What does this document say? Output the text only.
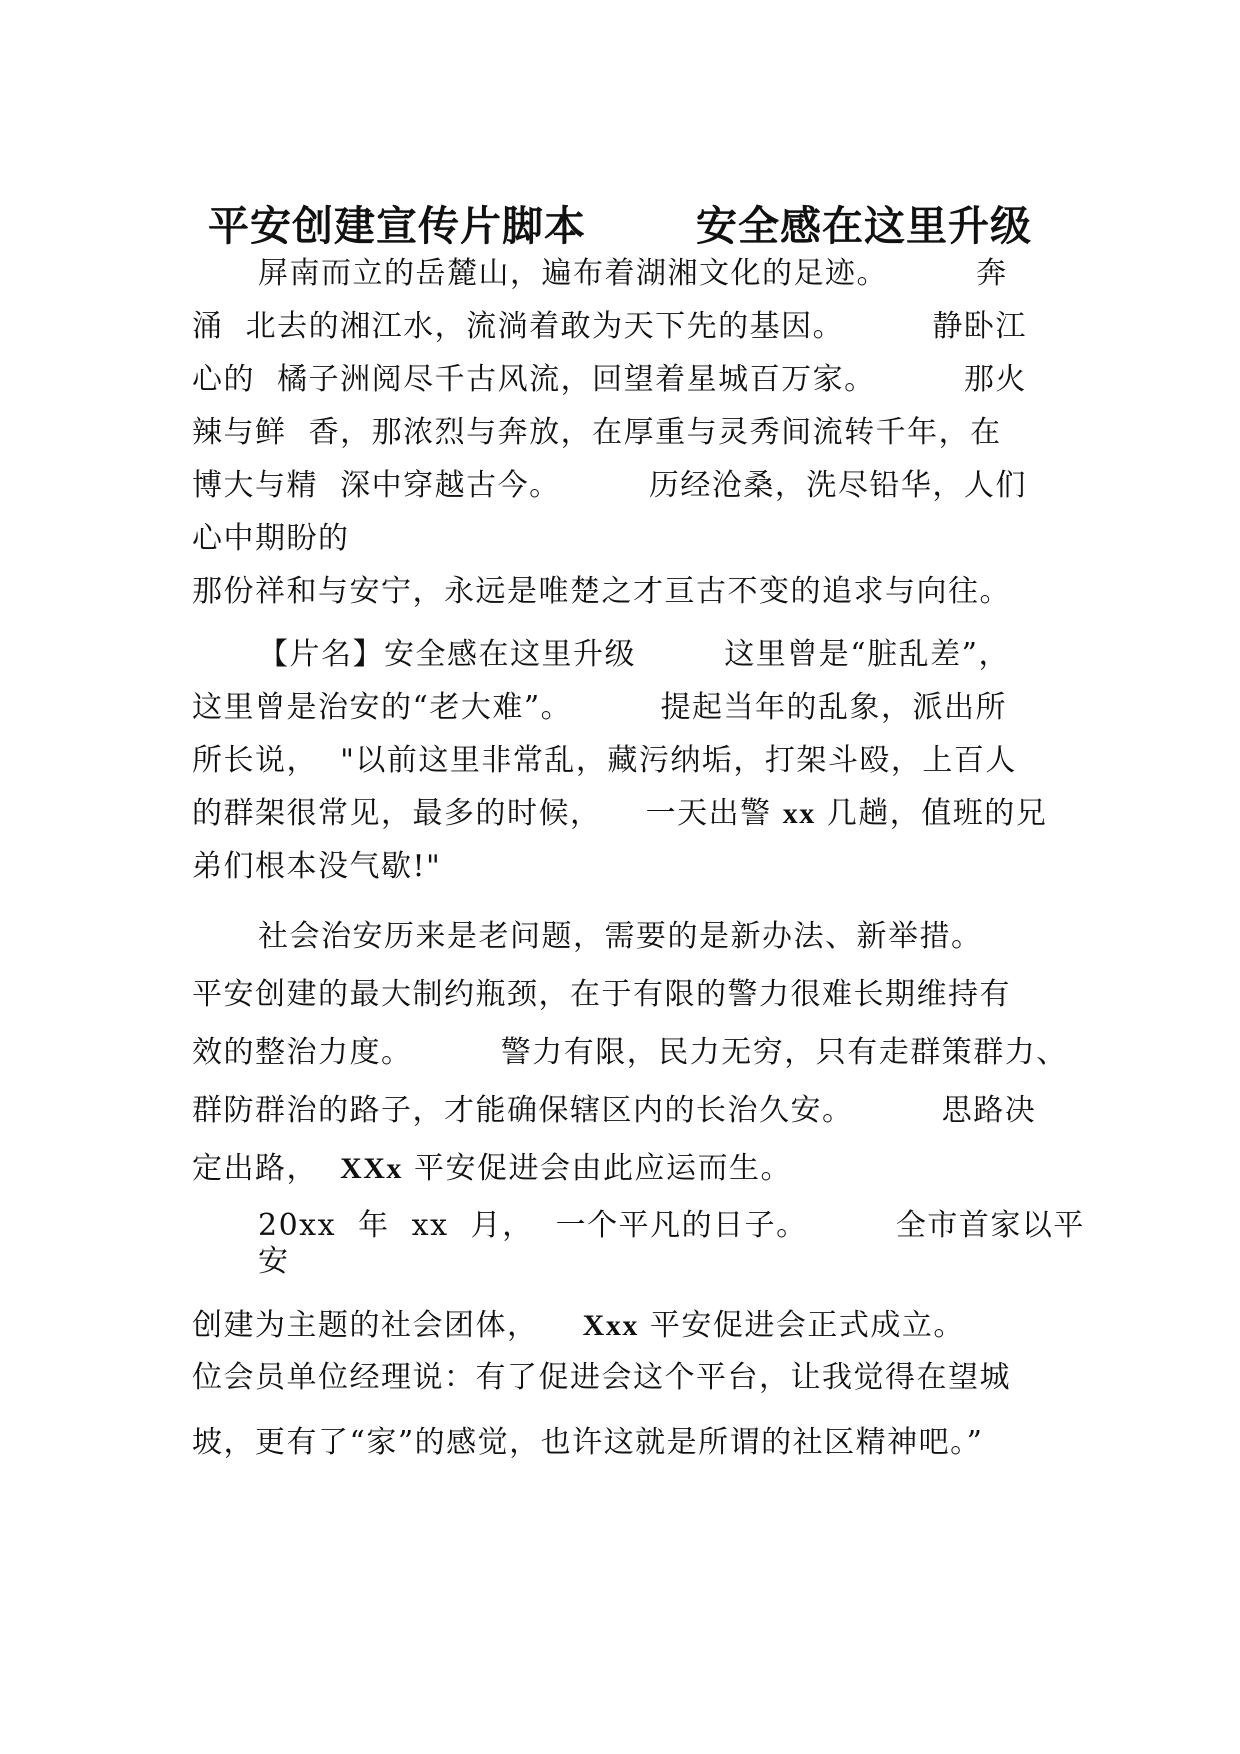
平安创建宣传片脚本	安全感在这里升级
屏南而立的岳麓山，遍布着湖湘文化的足迹。        奔
涌  北去的湘江水，流淌着敢为天下先的基因。        静卧江
心的  橘子洲阅尽千古风流，回望着星城百万家。        那火
辣与鲜  香，那浓烈与奔放，在厚重与灵秀间流转千年，在
博大与精  深中穿越古今。        历经沧桑，洗尽铅华，人们
心中期盼的
那份祥和与安宁，永远是唯楚之才亘古不变的追求与向往。
【片名】安全感在这里升级        这里曾是“脏乱差”，
这里曾是治安的“老大难”。        提起当年的乱象，派出所
所长说，  "以前这里非常乱，藏污纳垢，打架斗殴，上百人
的群架很常见，最多的时候，    一天出警 xx 几趟，值班的兄
弟们根本没气歇!"
社会治安历来是老问题，需要的是新办法、新举措。
平安创建的最大制约瓶颈，在于有限的警力很难长期维持有
效的整治力度。        警力有限，民力无穷，只有走群策群力、
群防群治的路子，才能确保辖区内的长治久安。        思路决
定出路，  XXx 平安促进会由此应运而生。
20xx  年  xx  月，  一个平凡的日子。        全市首家以平
安
创建为主题的社会团体，    Xxx 平安促进会正式成立。
位会员单位经理说：有了促进会这个平台，让我觉得在望城
坡，更有了“家”的感觉，也许这就是所谓的社区精神吧。”
